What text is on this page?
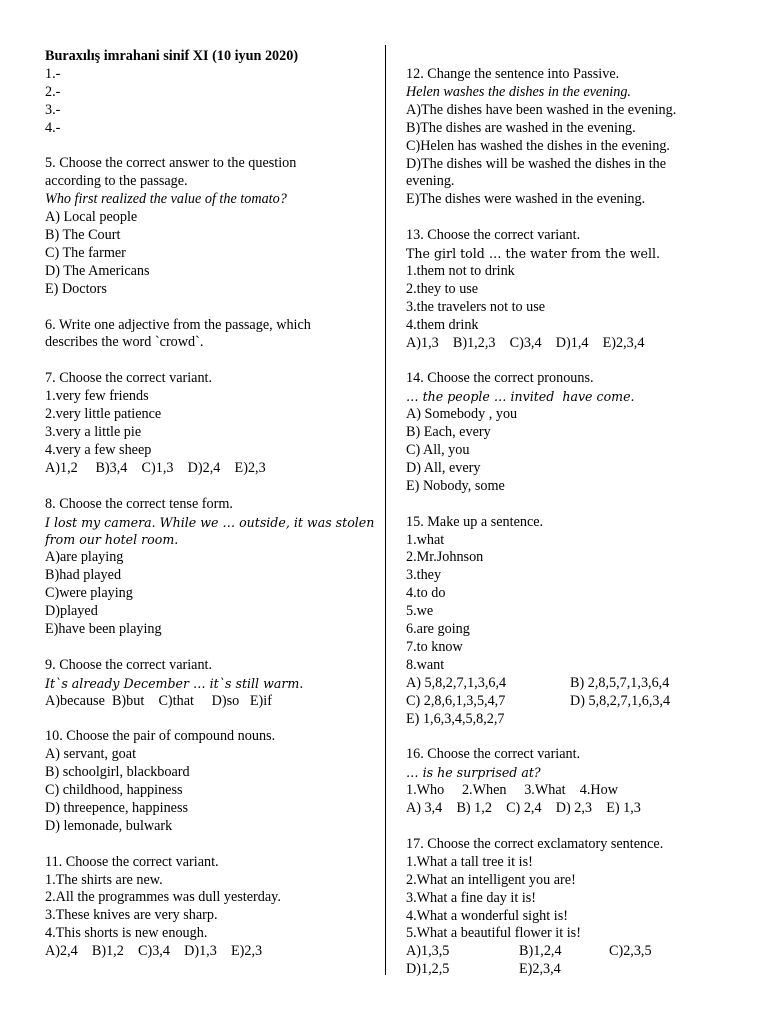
Buraxılış imrahani sinif XI (10 iyun 2020)
1.-
2.-
3.-
4.-
5. Choose the correct answer to the question
according to the passage.
Who first realized the value of the tomato?
A) Local people
B) The Court
C) The farmer
D) The Americans
E) Doctors
6. Write one adjective from the passage, which
describes the word `crowd`.
7. Choose the correct variant.
1.very few friends
2.very little patience
3.very a little pie
4.very a few sheep
A)1,2     B)3,4    C)1,3    D)2,4    E)2,3
8. Choose the correct tense form.
I lost my camera. While we … outside, it was stolen
from our hotel room.
A)are playing
B)had played
C)were playing
D)played
E)have been playing
9. Choose the correct variant.
It`s already December … it`s still warm.
A)because  B)but    C)that     D)so   E)if
10. Choose the pair of compound nouns.
A) servant, goat
B) schoolgirl, blackboard
C) childhood, happiness
D) threepence, happiness
D) lemonade, bulwark
11. Choose the correct variant.
1.The shirts are new.
2.All the programmes was dull yesterday.
3.These knives are very sharp.
4.This shorts is new enough.
A)2,4    B)1,2    C)3,4    D)1,3    E)2,3
12. Change the sentence into Passive.
Helen washes the dishes in the evening.
A)The dishes have been washed in the evening.
B)The dishes are washed in the evening.
C)Helen has washed the dishes in the evening.
D)The dishes will be washed the dishes in the
evening.
E)The dishes were washed in the evening.
13. Choose the correct variant.
The girl told … the water from the well.
1.them not to drink
2.they to use
3.the travelers not to use
4.them drink
A)1,3    B)1,2,3    C)3,4    D)1,4    E)2,3,4
14. Choose the correct pronouns.
… the people … invited  have come.
A) Somebody , you
B) Each, every
C) All, you
D) All, every
E) Nobody, some
15. Make up a sentence.
1.what
2.Mr.Johnson
3.they
4.to do
5.we
6.are going
7.to know
8.want
A) 5,8,2,7,1,3,6,4	B) 2,8,5,7,1,3,6,4
C) 2,8,6,1,3,5,4,7	D) 5,8,2,7,1,6,3,4
E) 1,6,3,4,5,8,2,7
16. Choose the correct variant.
… is he surprised at?
1.Who     2.When     3.What    4.How
A) 3,4    B) 1,2    C) 2,4    D) 2,3    E) 1,3
17. Choose the correct exclamatory sentence.
1.What a tall tree it is!
2.What an intelligent you are!
3.What a fine day it is!
4.What a wonderful sight is!
5.What a beautiful flower it is!
A)1,3,5	B)1,2,4	C)2,3,5
D)1,2,5	E)2,3,4
